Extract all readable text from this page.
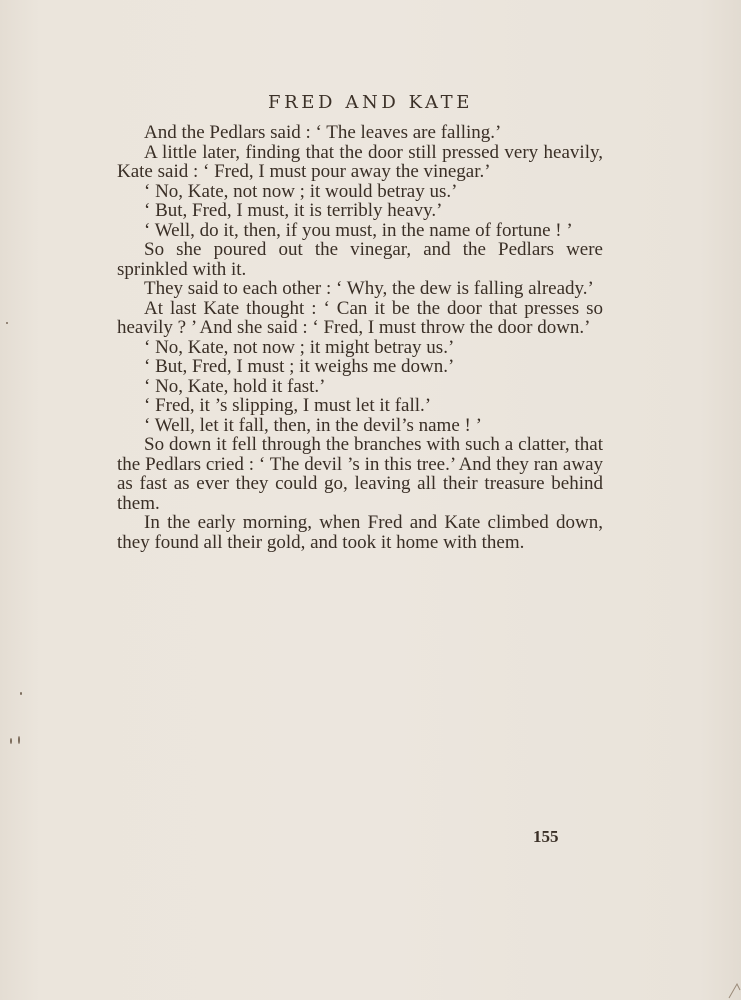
FRED AND KATE

And the Pedlars said : ‘ The leaves are falling.’

A little later, finding that the door still pressed very heavily, Kate said : ‘ Fred, I must pour away the vinegar.’

‘ No, Kate, not now ; it would betray us.’

‘ But, Fred, I must, it is terribly heavy.’

‘ Well, do it, then, if you must, in the name of fortune ! ’

So she poured out the vinegar, and the Pedlars were sprinkled with it.

They said to each other : ‘ Why, the dew is falling already.’

At last Kate thought : ‘ Can it be the door that presses so heavily ? ’ And she said : ‘ Fred, I must throw the door down.’

‘ No, Kate, not now ; it might betray us.’

‘ But, Fred, I must ; it weighs me down.’

‘ No, Kate, hold it fast.’

‘ Fred, it ’s slipping, I must let it fall.’

‘ Well, let it fall, then, in the devil’s name ! ’

So down it fell through the branches with such a clatter, that the Pedlars cried : ‘ The devil ’s in this tree.’ And they ran away as fast as ever they could go, leaving all their treasure behind them.

In the early morning, when Fred and Kate climbed down, they found all their gold, and took it home with them.

155
